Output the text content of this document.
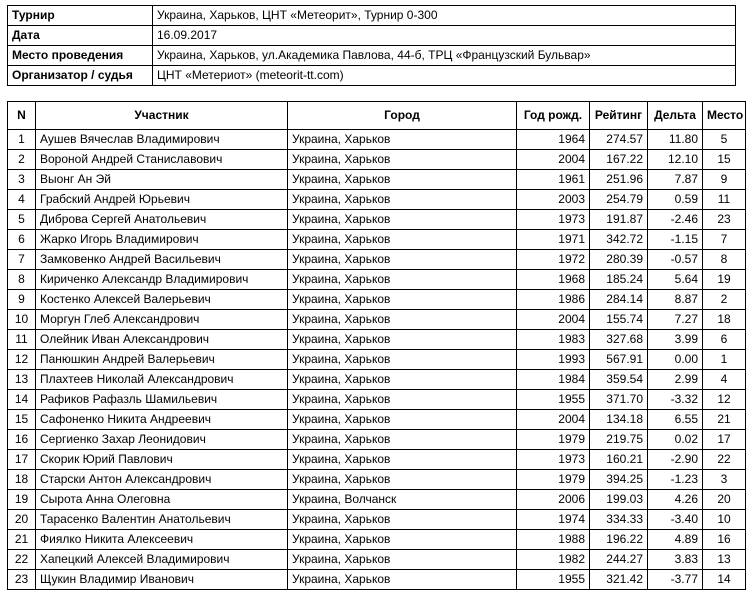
Турнир	Украина, Харьков, ЦНТ «Метеорит», Турнир 0-300
Дата	16.09.2017
Место проведения	Украина, Харьков, ул.Академика Павлова, 44-б, ТРЦ «Французский Бульвар»
Организатор / судья	ЦНТ «Метериот» (meteorit-tt.com)
N	Участник	Город	Год рожд.	Рейтинг	Дельта	Место
1	Аушев Вячеслав Владимирович	Украина, Харьков	1964	274.57	11.80	5
2	Вороной Андрей Станиславович	Украина, Харьков	2004	167.22	12.10	15
3	Выонг Ан Эй	Украина, Харьков	1961	251.96	7.87	9
4	Грабский Андрей Юрьевич	Украина, Харьков	2003	254.79	0.59	11
5	Диброва Сергей Анатольевич	Украина, Харьков	1973	191.87	-2.46	23
6	Жарко Игорь Владимирович	Украина, Харьков	1971	342.72	-1.15	7
7	Замковенко Андрей Васильевич	Украина, Харьков	1972	280.39	-0.57	8
8	Кириченко Александр Владимирович	Украина, Харьков	1968	185.24	5.64	19
9	Костенко Алексей Валерьевич	Украина, Харьков	1986	284.14	8.87	2
10	Моргун Глеб Александрович	Украина, Харьков	2004	155.74	7.27	18
11	Олейник Иван Александрович	Украина, Харьков	1983	327.68	3.99	6
12	Панюшкин Андрей Валерьевич	Украина, Харьков	1993	567.91	0.00	1
13	Плахтеев Николай Александрович	Украина, Харьков	1984	359.54	2.99	4
14	Рафиков Рафазль Шамильевич	Украина, Харьков	1955	371.70	-3.32	12
15	Сафоненко Никита Андреевич	Украина, Харьков	2004	134.18	6.55	21
16	Сергиенко Захар Леонидович	Украина, Харьков	1979	219.75	0.02	17
17	Скорик Юрий Павлович	Украина, Харьков	1973	160.21	-2.90	22
18	Старски Антон Александрович	Украина, Харьков	1979	394.25	-1.23	3
19	Сырота Анна Олеговна	Украина, Волчанск	2006	199.03	4.26	20
20	Тарасенко Валентин Анатольевич	Украина, Харьков	1974	334.33	-3.40	10
21	Фиялко Никита Алексеевич	Украина, Харьков	1988	196.22	4.89	16
22	Хапецкий Алексей Владимирович	Украина, Харьков	1982	244.27	3.83	13
23	Щукин Владимир Иванович	Украина, Харьков	1955	321.42	-3.77	14
